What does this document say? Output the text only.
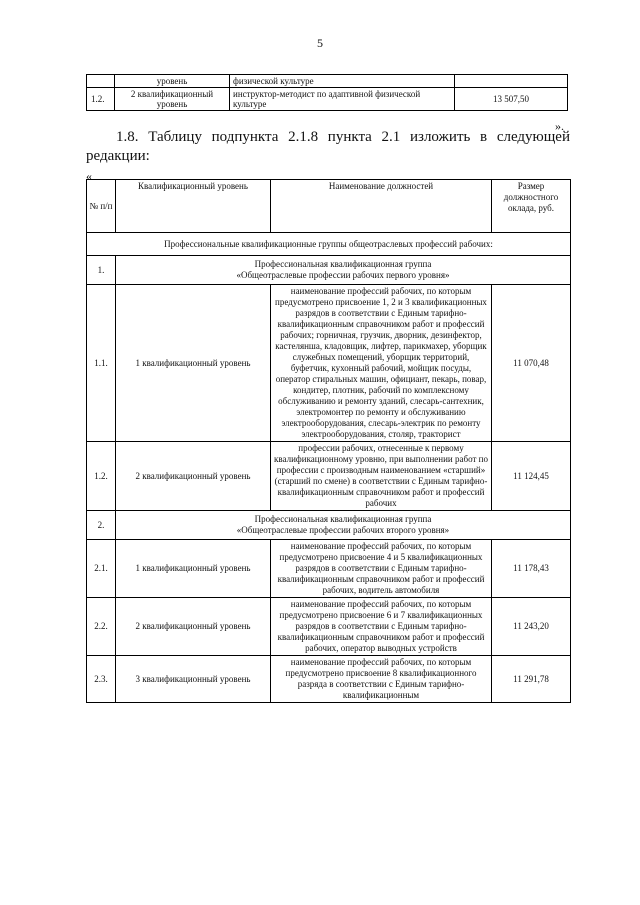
5
	уровень	физической культуре	
1.2.	2 квалификационный уровень	инструктор-методист по адаптивной физической культуре	13 507,50
».
1.8. Таблицу подпункта 2.1.8 пункта 2.1 изложить в следующей редакции:
«
№ п/п	Квалификационный уровень	Наименование должностей	Размер должностного оклада, руб.
Профессиональные квалификационные группы общеотраслевых профессий рабочих:			
1.	Профессиональная квалификационная группа
«Общеотраслевые профессии рабочих первого уровня»		

1.1.	1 квалификационный уровень	наименование профессий рабочих, по которым предусмотрено присвоение 1, 2 и 3 квалификационных разрядов в соответствии с Единым тарифно-квалификационным справочником работ и профессий рабочих; горничная, грузчик, дворник, дезинфектор, кастелянша, кладовщик, лифтер, парикмахер, уборщик служебных помещений, уборщик территорий, буфетчик, кухонный рабочий, мойщик посуды, оператор стиральных машин, официант, пекарь, повар, кондитер, плотник, рабочий по комплексному обслуживанию и ремонту зданий, слесарь-сантехник, электромонтер по ремонту и обслуживанию электрооборудования, слесарь-электрик по ремонту электрооборудования, столяр, тракторист	11 070,48
1.2.	2 квалификационный уровень	профессии рабочих, отнесенные к первому квалификационному уровню, при выполнении работ по профессии с производным наименованием «старший» (старший по смене) в соответствии с Единым тарифно-квалификационным справочником работ и профессий рабочих	11 124,45
2.	Профессиональная квалификационная группа
«Общеотраслевые профессии рабочих второго уровня»		

2.1.	1 квалификационный уровень	наименование профессий рабочих, по которым предусмотрено присвоение 4 и 5 квалификационных разрядов в соответствии с Единым тарифно-квалификационным справочником работ и профессий рабочих, водитель автомобиля	11 178,43
2.2.	2 квалификационный уровень	наименование профессий рабочих, по которым предусмотрено присвоение 6 и 7 квалификационных разрядов в соответствии с Единым тарифно-квалификационным справочником работ и профессий рабочих, оператор выводных устройств	11 243,20
2.3.	3 квалификационный уровень	наименование профессий рабочих, по которым предусмотрено присвоение 8 квалификационного разряда в соответствии с Единым тарифно-квалификационным	11 291,78
